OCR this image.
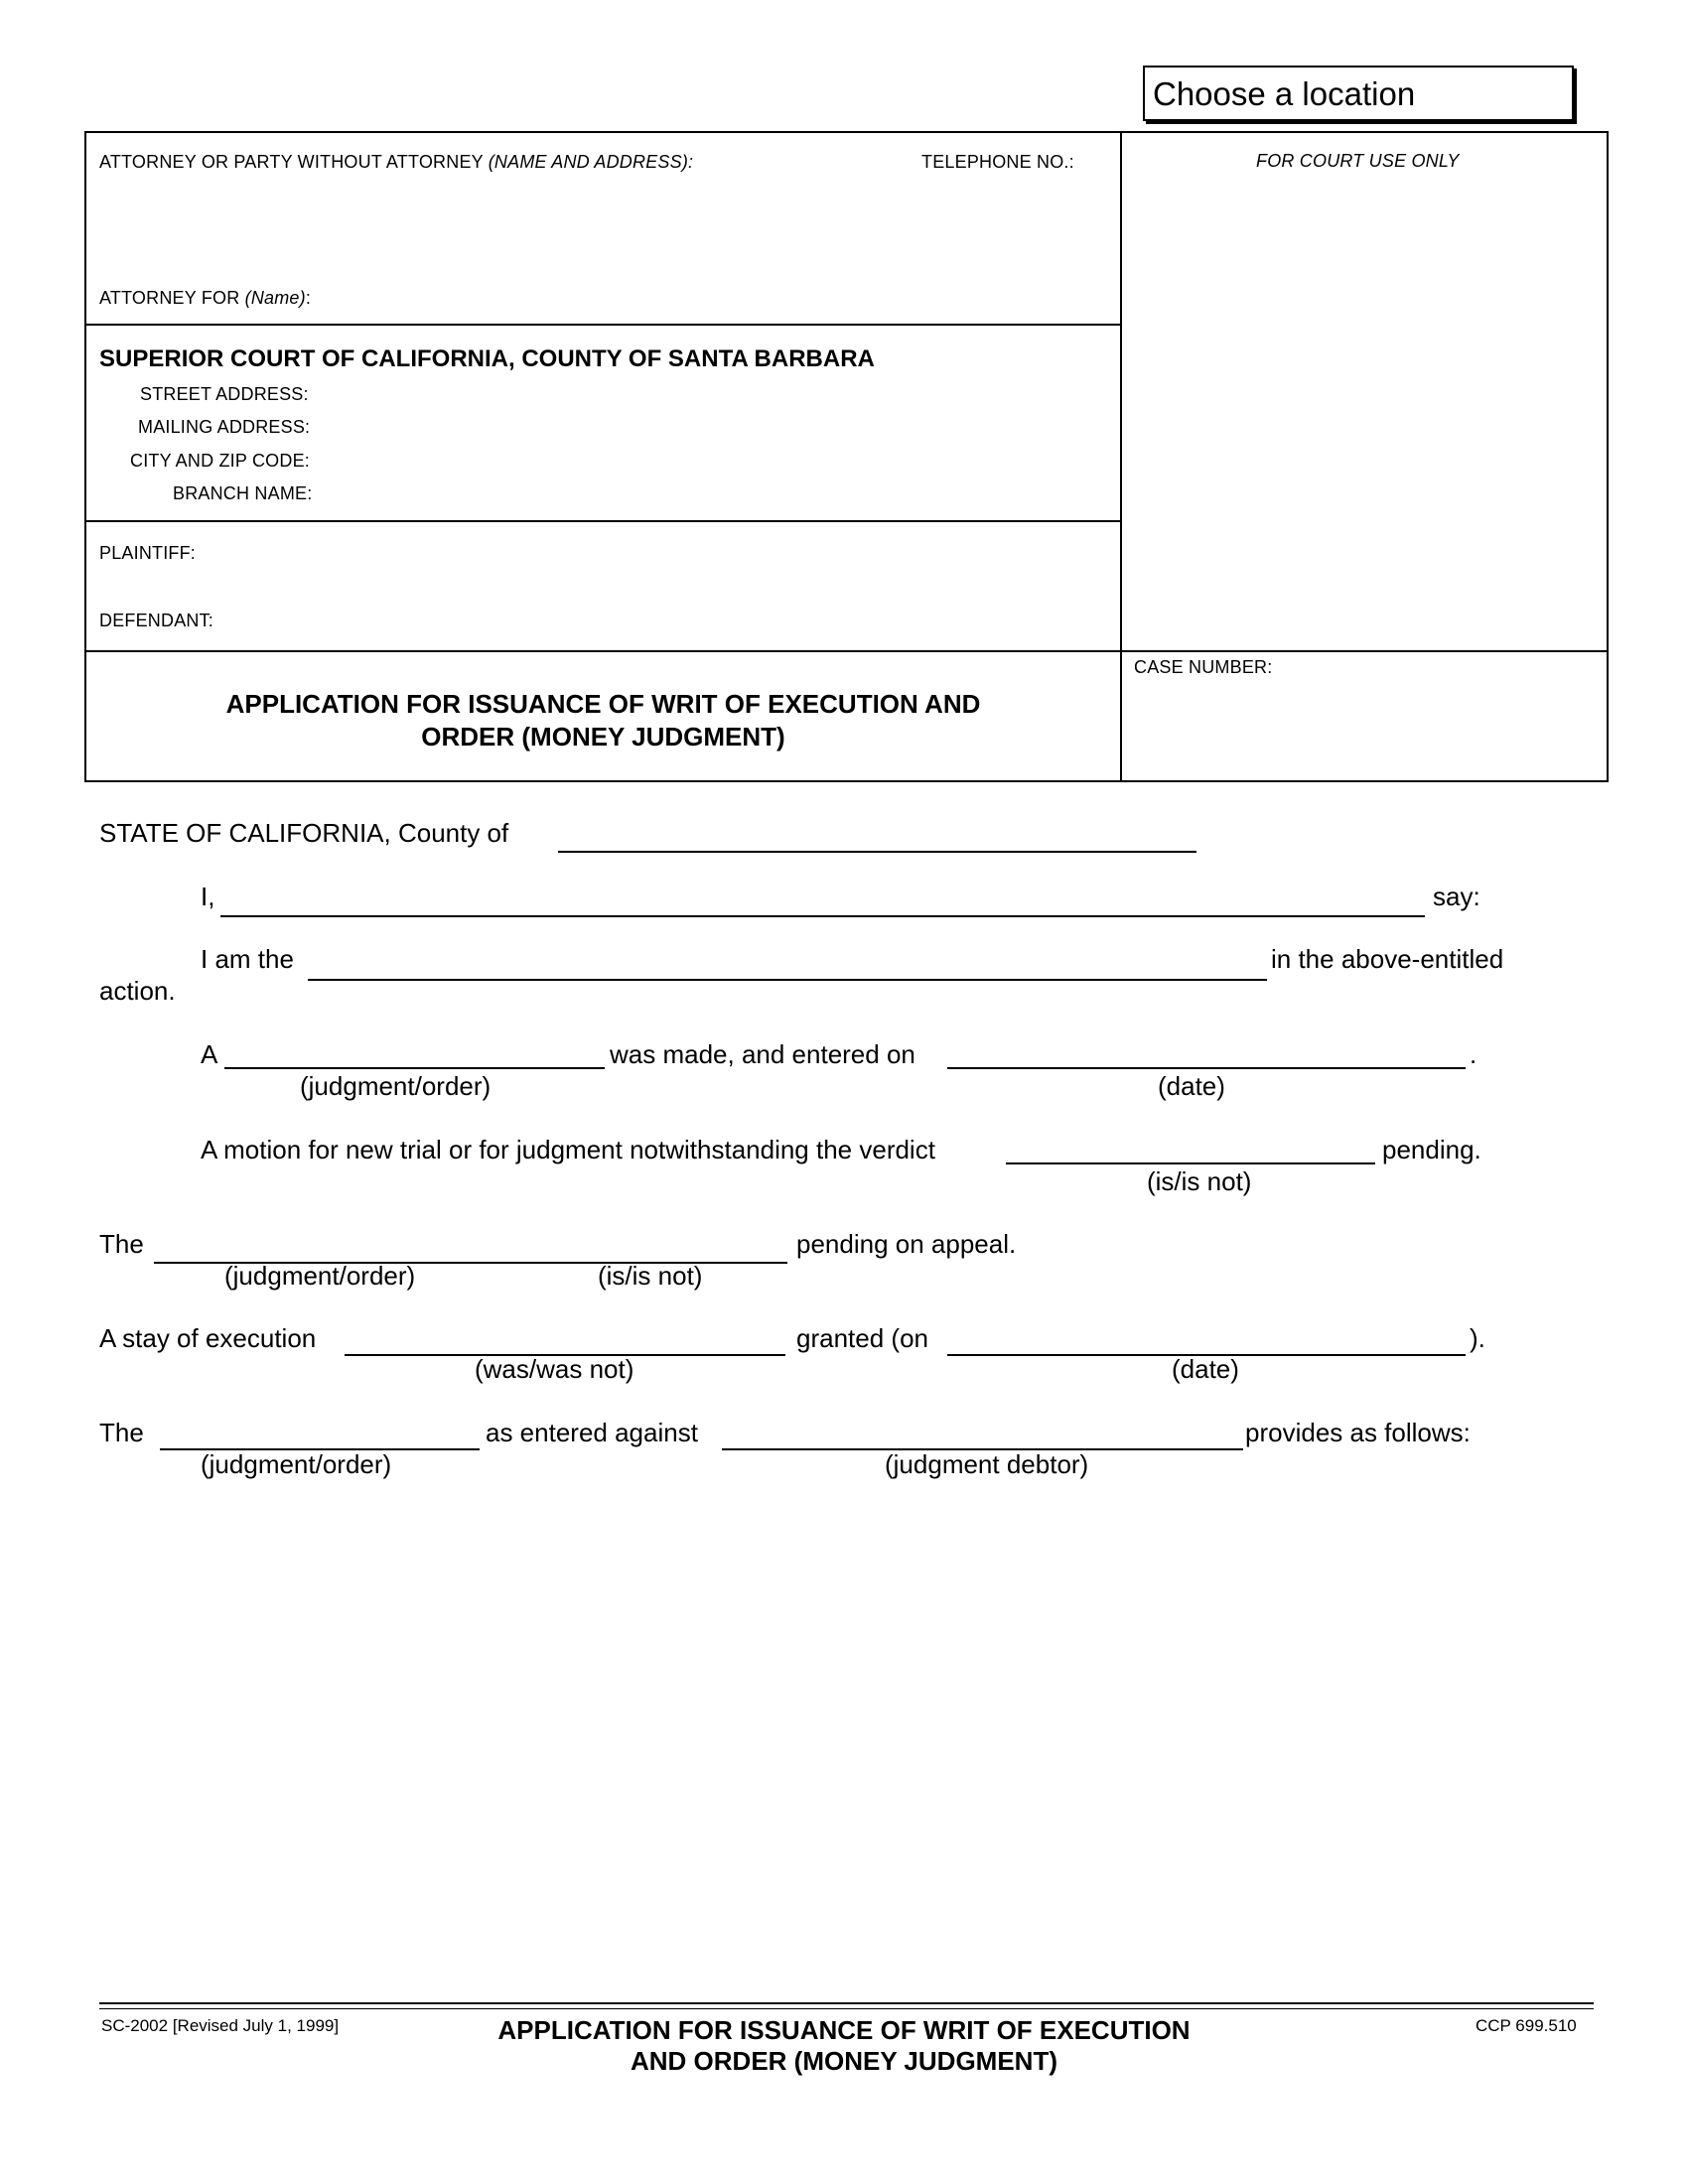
Choose a location
ATTORNEY OR PARTY WITHOUT ATTORNEY (NAME AND ADDRESS):	TELEPHONE NO.:	FOR COURT USE ONLY
ATTORNEY FOR (Name):
SUPERIOR COURT OF CALIFORNIA, COUNTY OF SANTA BARBARA
STREET ADDRESS:
MAILING ADDRESS:
CITY AND ZIP CODE:
BRANCH NAME:
PLAINTIFF:
DEFENDANT:
APPLICATION FOR ISSUANCE OF WRIT OF EXECUTION AND
ORDER (MONEY JUDGMENT)
CASE NUMBER:
STATE OF CALIFORNIA, County of
I,	say:
I am the	in the above-entitled
action.
A	was made, and entered on	.
(judgment/order)	(date)
A motion for new trial or for judgment notwithstanding the verdict	pending.
(is/is not)
The	pending on appeal.
(judgment/order)	(is/is not)
A stay of execution	granted (on	).
(was/was not)	(date)
The	as entered against	provides as follows:
(judgment/order)	(judgment debtor)
SC-2002 [Revised July 1, 1999]	APPLICATION FOR ISSUANCE OF WRIT OF EXECUTION
AND ORDER (MONEY JUDGMENT)
CCP 699.510
